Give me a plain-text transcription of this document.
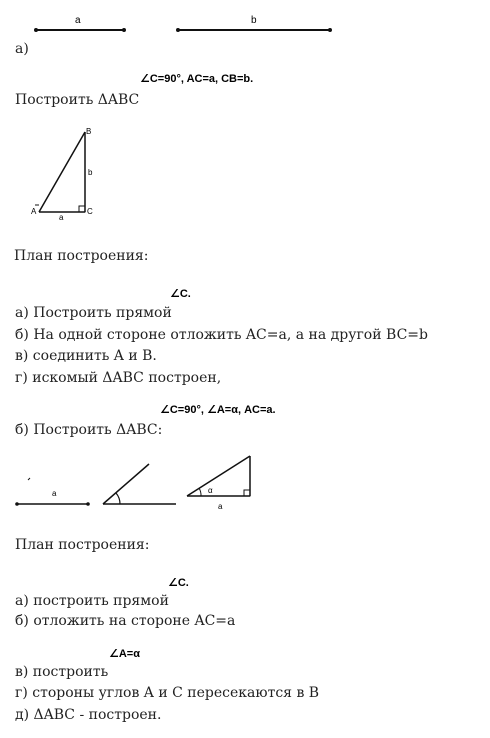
a	b
а)
∠C=90°, AC=a, CB=b.
Построить ΔABC
B
b
A	C
a
План построения:
∠C.
а) Построить прямой
б) На одной стороне отложить AC=a, а на другой BC=b
в) соединить A и B.
г) искомый ΔABC построен,
∠C=90°, ∠A=α, AC=a.
б) Построить ΔABC:
a	α
a
План построения:
∠C.
а) построить прямой
б) отложить на стороне AC=a
∠A=α
в) построить
г) стороны углов A и C пересекаются в B
д) ΔABC - построен.
